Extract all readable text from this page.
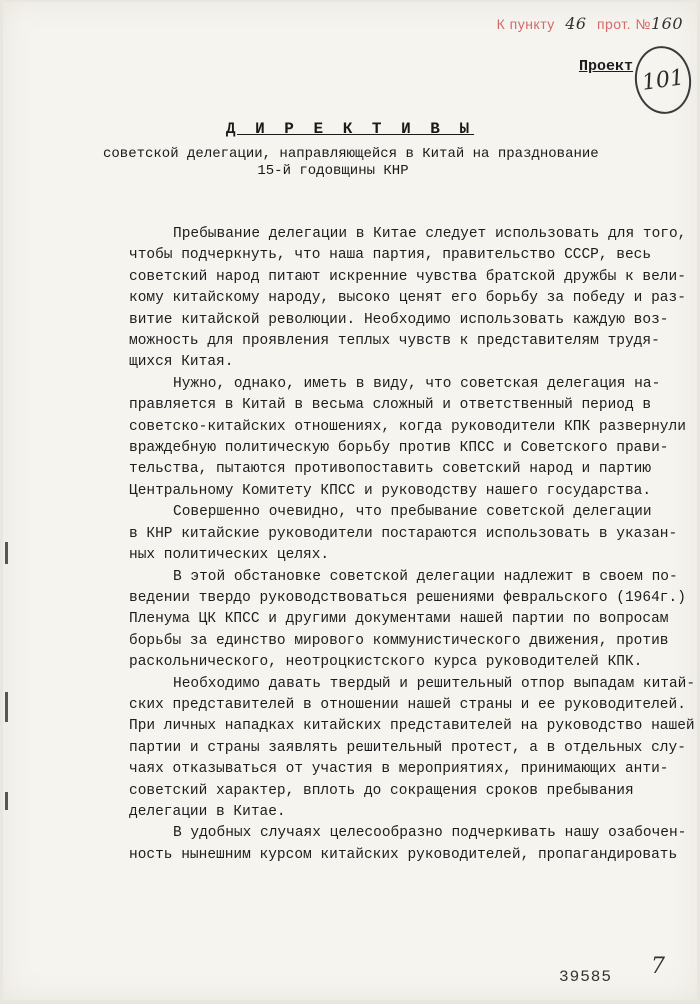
К пункту 46 прот. №160
101
Проект
Д И Р Е К Т И В Ы
советской делегации, направляющейся в Китай на празднование
15-й годовщины КНР

Пребывание делегации в Китае следует использовать для того,
чтобы подчеркнуть, что наша партия, правительство СССР, весь
советский народ питают искренние чувства братской дружбы к вели-
кому китайскому народу, высоко ценят его борьбу за победу и раз-
витие китайской революции. Необходимо использовать каждую воз-
можность для проявления теплых чувств к представителям трудя-
щихся Китая.

Нужно, однако, иметь в виду, что советская делегация на-
правляется в Китай в весьма сложный и ответственный период в
советско-китайских отношениях, когда руководители КПК развернули
враждебную политическую борьбу против КПСС и Советского прави-
тельства, пытаются противопоставить советский народ и партию
Центральному Комитету КПСС и руководству нашего государства.

Совершенно очевидно, что пребывание советской делегации
в КНР китайские руководители постараются использовать в указан-
ных политических целях.

В этой обстановке советской делегации надлежит в своем по-
ведении твердо руководствоваться решениями февральского (1964г.)
Пленума ЦК КПСС и другими документами нашей партии по вопросам
борьбы за единство мирового коммунистического движения, против
раскольнического, неотроцкистского курса руководителей КПК.

Необходимо давать твердый и решительный отпор выпадам китай-
ских представителей в отношении нашей страны и ее руководителей.
При личных нападках китайских представителей на руководство нашей
партии и страны заявлять решительный протест, а в отдельных слу-
чаях отказываться от участия в мероприятиях, принимающих анти-
советский характер, вплоть до сокращения сроков пребывания
делегации в Китае.

В удобных случаях целесообразно подчеркивать нашу озабочен-
ность нынешним курсом китайских руководителей, пропагандировать

39585 7
